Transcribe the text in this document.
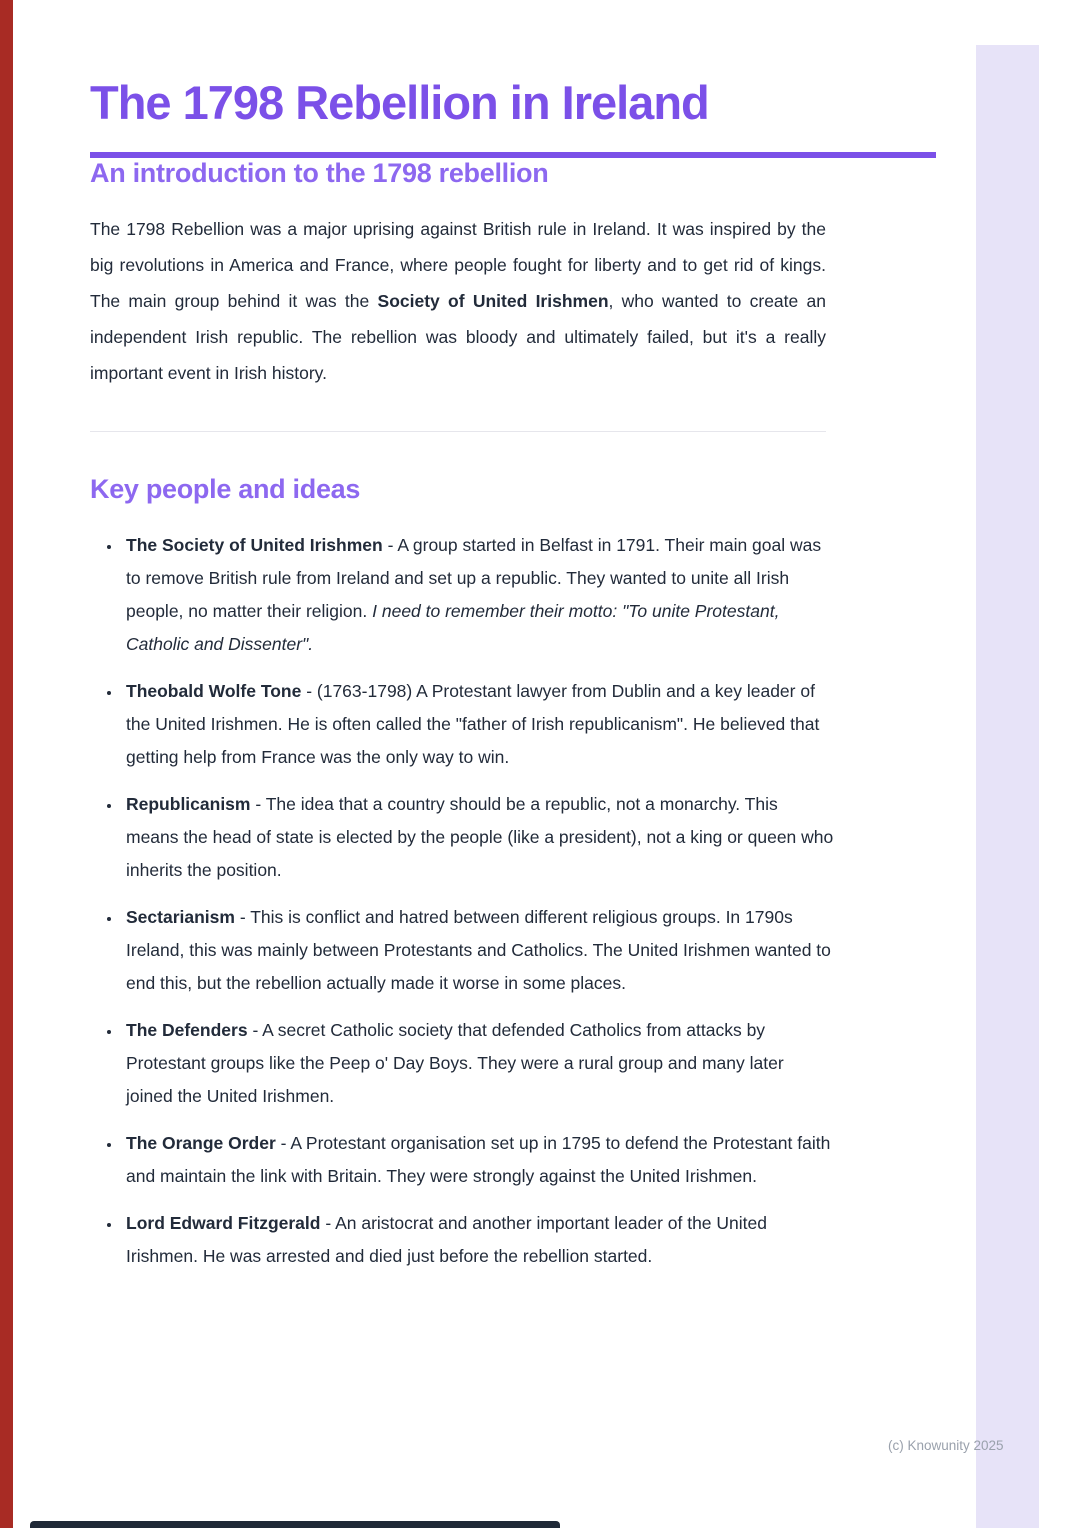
The 1798 Rebellion in Ireland
An introduction to the 1798 rebellion

The 1798 Rebellion was a major uprising against British rule in Ireland. It was inspired by the big revolutions in America and France, where people fought for liberty and to get rid of kings. The main group behind it was the Society of United Irishmen, who wanted to create an independent Irish republic. The rebellion was bloody and ultimately failed, but it's a really important event in Irish history.

Key people and ideas
• The Society of United Irishmen - A group started in Belfast in 1791. Their main goal was to remove British rule from Ireland and set up a republic. They wanted to unite all Irish people, no matter their religion. I need to remember their motto: "To unite Protestant, Catholic and Dissenter".
• Theobald Wolfe Tone - (1763-1798) A Protestant lawyer from Dublin and a key leader of the United Irishmen. He is often called the "father of Irish republicanism". He believed that getting help from France was the only way to win.
• Republicanism - The idea that a country should be a republic, not a monarchy. This means the head of state is elected by the people (like a president), not a king or queen who inherits the position.
• Sectarianism - This is conflict and hatred between different religious groups. In 1790s Ireland, this was mainly between Protestants and Catholics. The United Irishmen wanted to end this, but the rebellion actually made it worse in some places.
• The Defenders - A secret Catholic society that defended Catholics from attacks by Protestant groups like the Peep o' Day Boys. They were a rural group and many later joined the United Irishmen.
• The Orange Order - A Protestant organisation set up in 1795 to defend the Protestant faith and maintain the link with Britain. They were strongly against the United Irishmen.
• Lord Edward Fitzgerald - An aristocrat and another important leader of the United Irishmen. He was arrested and died just before the rebellion started.
(c) Knowunity 2025
